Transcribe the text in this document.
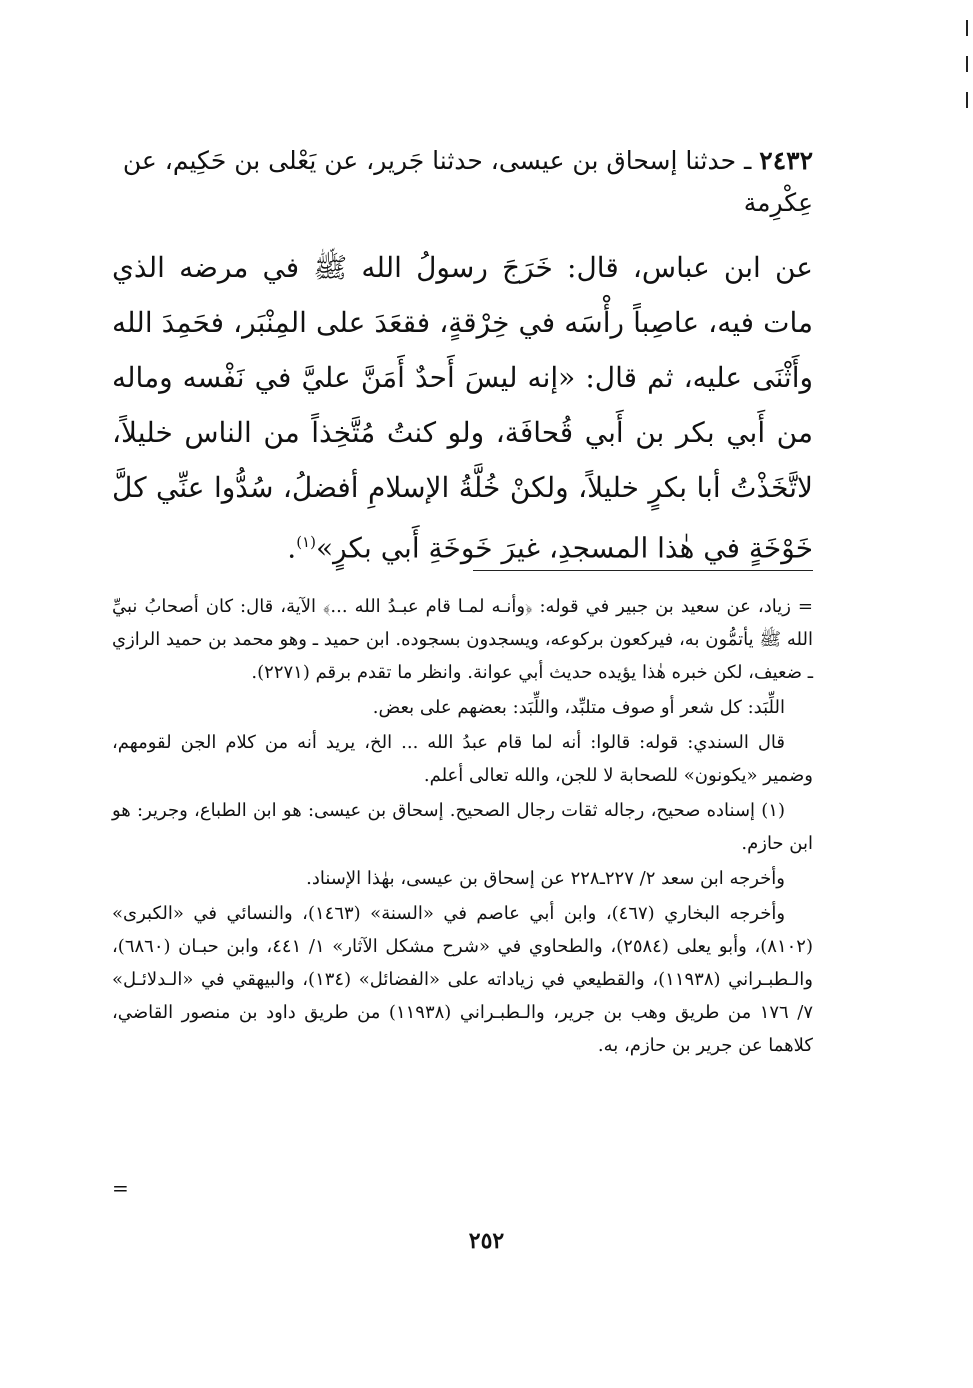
٢٤٣٢ ـ حدثنا إسحاق بن عيسى، حدثنا جَرير، عن يَعْلى بن حَكِيم، عن
عِكْرِمة
عن ابن عباس، قال: خَرَجَ رسولُ الله ﷺ في مرضه الذي مات فيه، عاصِباً رأْسَه في خِرْقةٍ، فقعَدَ على المِنْبَر، فحَمِدَ الله وأَثْنَى عليه، ثم قال: «إنه ليسَ أَحدٌ أَمَنَّ عليَّ في نَفْسه وماله من أَبي بكر بن أَبي قُحافَة، ولو كنتُ مُتَّخِذاً من الناس خليلاً، لاتَّخَذْتُ أبا بكرٍ خليلاً، ولكنْ خُلَّةُ الإسلامِ أفضلُ، سُدُّوا عنِّي كلَّ خَوْخَةٍ في هٰذا المسجدِ، غيرَ خَوخَةِ أَبي بكرٍ»$^{(١)}$.

= زياد، عن سعيد بن جبير في قوله: ﴿وأنـه لمـا قام عبـدُ الله ...﴾ الآية، قال: كان أصحابُ نبيِّ الله ﷺ يأتمُّون به، فيركعون بركوعه، ويسجدون بسجوده. ابن حميد ـ وهو محمد بن حميد الرازي ـ ضعيف، لكن خبره هٰذا يؤيده حديث أبي عوانة. وانظر ما تقدم برقم (٢٢٧١).

اللِّبَد: كل شعر أو صوف متلبِّد، واللِّبَد: بعضهم على بعض.

قال السندي: قوله: قالوا: أنه لما قام عبدُ الله ... الخ، يريد أنه من كلام الجن لقومهم، وضمير «يكونون» للصحابة لا للجن، والله تعالى أعلم.

(١) إسناده صحيح، رجاله ثقات رجال الصحيح. إسحاق بن عيسى: هو ابن الطباع، وجرير: هو ابن حازم.

وأخرجه ابن سعد ٢/ ٢٢٧ـ٢٢٨ عن إسحاق بن عيسى، بهٰذا الإسناد.

وأخرجه البخاري (٤٦٧)، وابن أبي عاصم في «السنة» (١٤٦٣)، والنسائي في «الكبرى» (٨١٠٢)، وأبو يعلى (٢٥٨٤)، والطحاوي في «شرح مشكل الآثار» ١/ ٤٤١، وابن حبـان (٦٨٦٠)، والـطبـراني (١١٩٣٨)، والقطيعي في زياداته على «الفضائل» (١٣٤)، والبيهقي في «الـدلائـل» ٧/ ١٧٦ من طريق وهب بن جرير، والـطبـراني (١١٩٣٨) من طريق داود بن منصور القاضي، كلاهما عن جرير بن حازم، به.

=
٢٥٢
